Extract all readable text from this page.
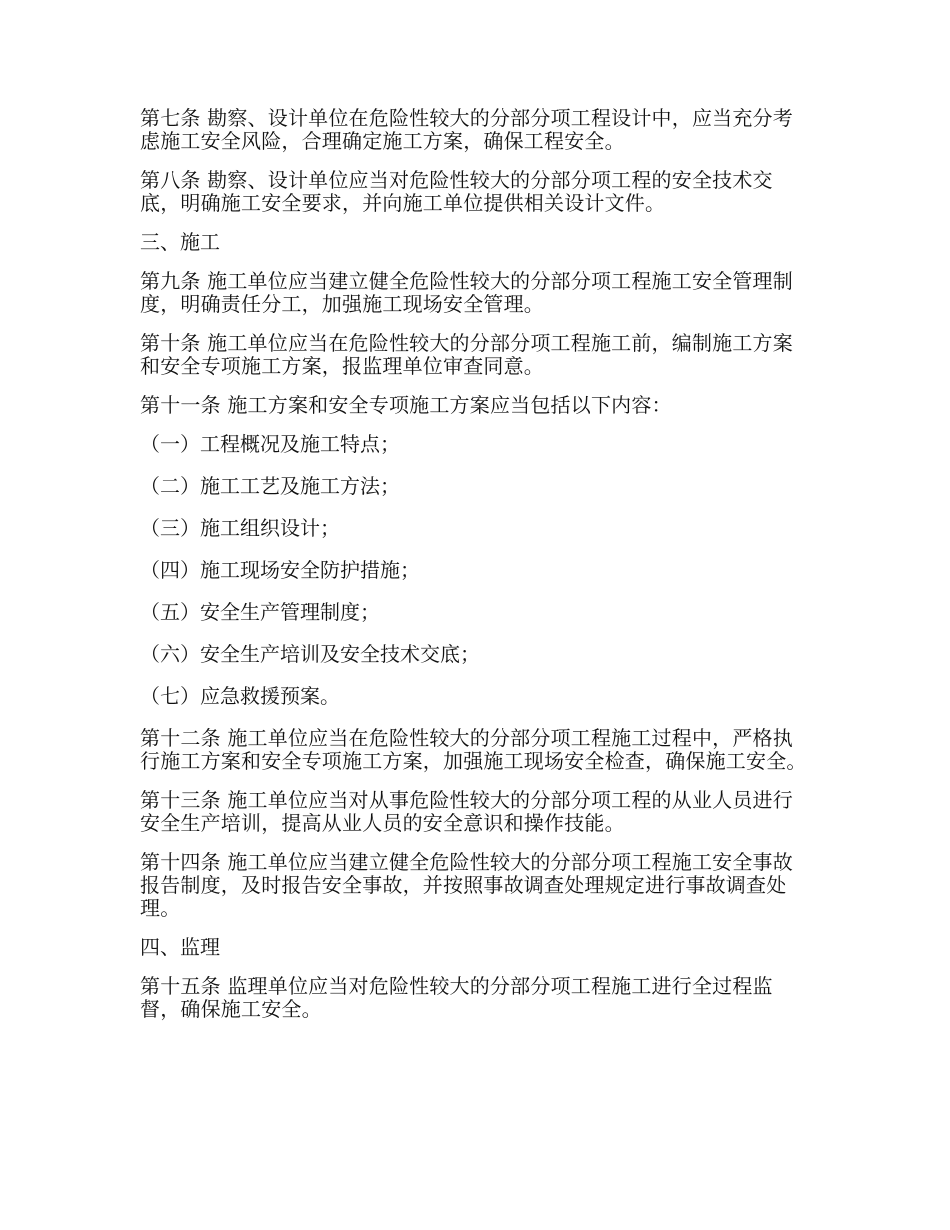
第七条 勘察、设计单位在危险性较大的分部分项工程设计中，应当充分考虑施工安全风险，合理确定施工方案，确保工程安全。

第八条 勘察、设计单位应当对危险性较大的分部分项工程的安全技术交底，明确施工安全要求，并向施工单位提供相关设计文件。

三、施工

第九条 施工单位应当建立健全危险性较大的分部分项工程施工安全管理制度，明确责任分工，加强施工现场安全管理。

第十条 施工单位应当在危险性较大的分部分项工程施工前，编制施工方案和安全专项施工方案，报监理单位审查同意。

第十一条 施工方案和安全专项施工方案应当包括以下内容：

（一）工程概况及施工特点；

（二）施工工艺及施工方法；

（三）施工组织设计；

（四）施工现场安全防护措施；

（五）安全生产管理制度；

（六）安全生产培训及安全技术交底；

（七）应急救援预案。

第十二条 施工单位应当在危险性较大的分部分项工程施工过程中，严格执行施工方案和安全专项施工方案，加强施工现场安全检查，确保施工安全。

第十三条 施工单位应当对从事危险性较大的分部分项工程的从业人员进行安全生产培训，提高从业人员的安全意识和操作技能。

第十四条 施工单位应当建立健全危险性较大的分部分项工程施工安全事故报告制度，及时报告安全事故，并按照事故调查处理规定进行事故调查处理。

四、监理

第十五条 监理单位应当对危险性较大的分部分项工程施工进行全过程监督，确保施工安全。
